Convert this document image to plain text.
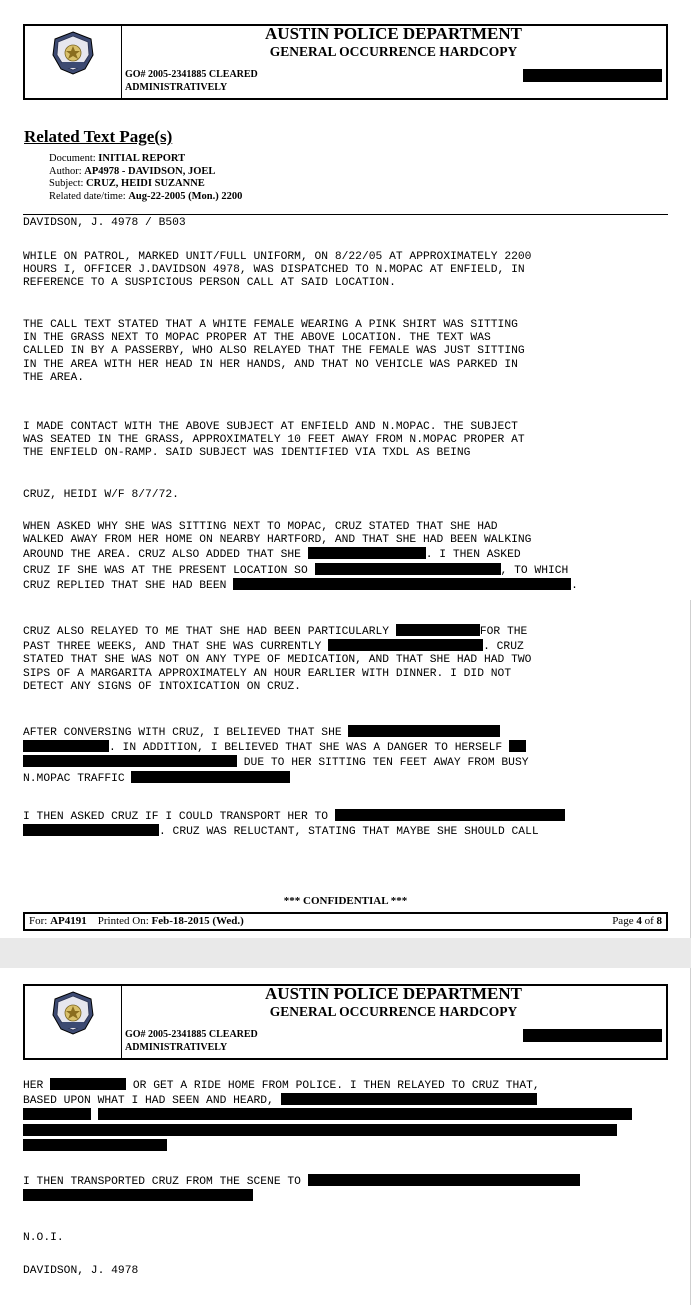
AUSTIN POLICE DEPARTMENT
GENERAL OCCURRENCE HARDCOPY
GO# 2005-2341885 CLEARED
ADMINISTRATIVELY
Related Text Page(s)
Document: INITIAL REPORT
Author: AP4978 - DAVIDSON, JOEL
Subject: CRUZ, HEIDI SUZANNE
Related date/time: Aug-22-2005 (Mon.) 2200
DAVIDSON, J. 4978 / B503
WHILE ON PATROL, MARKED UNIT/FULL UNIFORM, ON 8/22/05 AT APPROXIMATELY 2200
HOURS I, OFFICER J.DAVIDSON 4978, WAS DISPATCHED TO N.MOPAC AT ENFIELD, IN
REFERENCE TO A SUSPICIOUS PERSON CALL AT SAID LOCATION.
THE CALL TEXT STATED THAT A WHITE FEMALE WEARING A PINK SHIRT WAS SITTING
IN THE GRASS NEXT TO MOPAC PROPER AT THE ABOVE LOCATION. THE TEXT WAS
CALLED IN BY A PASSERBY, WHO ALSO RELAYED THAT THE FEMALE WAS JUST SITTING
IN THE AREA WITH HER HEAD IN HER HANDS, AND THAT NO VEHICLE WAS PARKED IN
THE AREA.
I MADE CONTACT WITH THE ABOVE SUBJECT AT ENFIELD AND N.MOPAC. THE SUBJECT
WAS SEATED IN THE GRASS, APPROXIMATELY 10 FEET AWAY FROM N.MOPAC PROPER AT
THE ENFIELD ON-RAMP. SAID SUBJECT WAS IDENTIFIED VIA TXDL AS BEING
CRUZ, HEIDI W/F 8/7/72.
WHEN ASKED WHY SHE WAS SITTING NEXT TO MOPAC, CRUZ STATED THAT SHE HAD
WALKED AWAY FROM HER HOME ON NEARBY HARTFORD, AND THAT SHE HAD BEEN WALKING
AROUND THE AREA. CRUZ ALSO ADDED THAT SHE	. I THEN ASKED
CRUZ IF SHE WAS AT THE PRESENT LOCATION SO	, TO WHICH
CRUZ REPLIED THAT SHE HAD BEEN	.
CRUZ ALSO RELAYED TO ME THAT SHE HAD BEEN PARTICULARLY	FOR THE
PAST THREE WEEKS, AND THAT SHE WAS CURRENTLY	. CRUZ
STATED THAT SHE WAS NOT ON ANY TYPE OF MEDICATION, AND THAT SHE HAD HAD TWO
SIPS OF A MARGARITA APPROXIMATELY AN HOUR EARLIER WITH DINNER. I DID NOT
DETECT ANY SIGNS OF INTOXICATION ON CRUZ.
AFTER CONVERSING WITH CRUZ, I BELIEVED THAT SHE
. IN ADDITION, I BELIEVED THAT SHE WAS A DANGER TO HERSELF
DUE TO HER SITTING TEN FEET AWAY FROM BUSY
N.MOPAC TRAFFIC
I THEN ASKED CRUZ IF I COULD TRANSPORT HER TO
. CRUZ WAS RELUCTANT, STATING THAT MAYBE SHE SHOULD CALL
*** CONFIDENTIAL ***
For: AP4191 Printed On: Feb-18-2015 (Wed.)	Page 4 of 8
AUSTIN POLICE DEPARTMENT
GENERAL OCCURRENCE HARDCOPY
GO# 2005-2341885 CLEARED
ADMINISTRATIVELY
HER	OR GET A RIDE HOME FROM POLICE. I THEN RELAYED TO CRUZ THAT,
BASED UPON WHAT I HAD SEEN AND HEARD,

I THEN TRANSPORTED CRUZ FROM THE SCENE TO
N.O.I.
DAVIDSON, J. 4978
